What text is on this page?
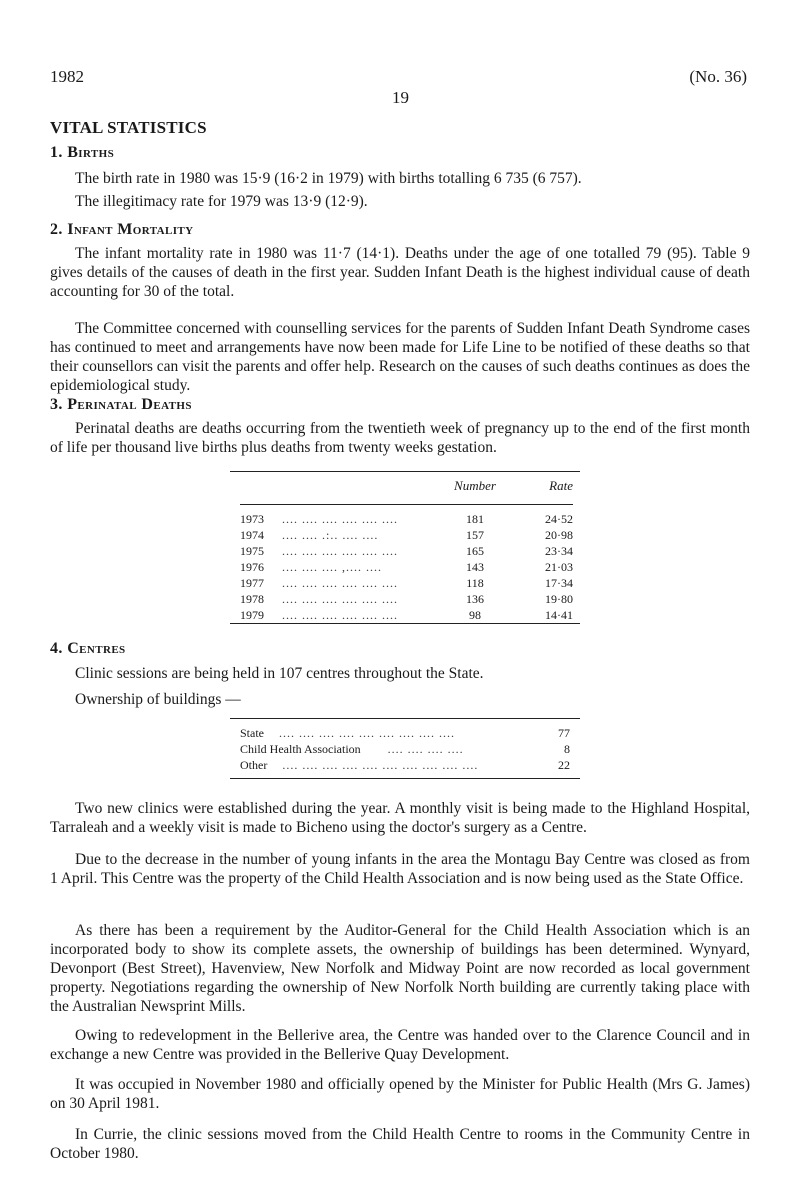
1982	(No. 36)
19
VITAL STATISTICS
1. Births
The birth rate in 1980 was 15·9 (16·2 in 1979) with births totalling 6 735 (6 757).
The illegitimacy rate for 1979 was 13·9 (12·9).
2. Infant Mortality
The infant mortality rate in 1980 was 11·7 (14·1). Deaths under the age of one totalled 79 (95). Table 9 gives details of the causes of death in the first year. Sudden Infant Death is the highest individual cause of death accounting for 30 of the total.
The Committee concerned with counselling services for the parents of Sudden Infant Death Syndrome cases has continued to meet and arrangements have now been made for Life Line to be notified of these deaths so that their counsellors can visit the parents and offer help. Research on the causes of such deaths continues as does the epidemiological study.
3. Perinatal Deaths
Perinatal deaths are deaths occurring from the twentieth week of pregnancy up to the end of the first month of life per thousand live births plus deaths from twenty weeks gestation.
	Number	Rate

1973 .... .... .... .... .... ....	181	24·52
1974 .... .... .:.. .... ....	157	20·98
1975 .... .... .... .... .... ....	165	23·34
1976 .... .... .... ,.... ....	143	21·03
1977 .... .... .... .... .... ....	118	17·34
1978 .... .... .... .... .... ....	136	19·80
1979 .... .... .... .... .... ....	98	14·41
4. Centres
Clinic sessions are being held in 107 centres throughout the State.
Ownership of buildings —
State .... .... .... .... .... .... .... .... ....	77
Child Health Association .... .... .... ....	8
Other .... .... .... .... .... .... .... .... .... ....	22
Two new clinics were established during the year. A monthly visit is being made to the Highland Hospital, Tarraleah and a weekly visit is made to Bicheno using the doctor's surgery as a Centre.
Due to the decrease in the number of young infants in the area the Montagu Bay Centre was closed as from 1 April. This Centre was the property of the Child Health Association and is now being used as the State Office.
As there has been a requirement by the Auditor-General for the Child Health Association which is an incorporated body to show its complete assets, the ownership of buildings has been determined. Wynyard, Devonport (Best Street), Havenview, New Norfolk and Midway Point are now recorded as local government property. Negotiations regarding the ownership of New Norfolk North building are currently taking place with the Australian Newsprint Mills.
Owing to redevelopment in the Bellerive area, the Centre was handed over to the Clarence Council and in exchange a new Centre was provided in the Bellerive Quay Development.
It was occupied in November 1980 and officially opened by the Minister for Public Health (Mrs G. James) on 30 April 1981.
In Currie, the clinic sessions moved from the Child Health Centre to rooms in the Community Centre in October 1980.
